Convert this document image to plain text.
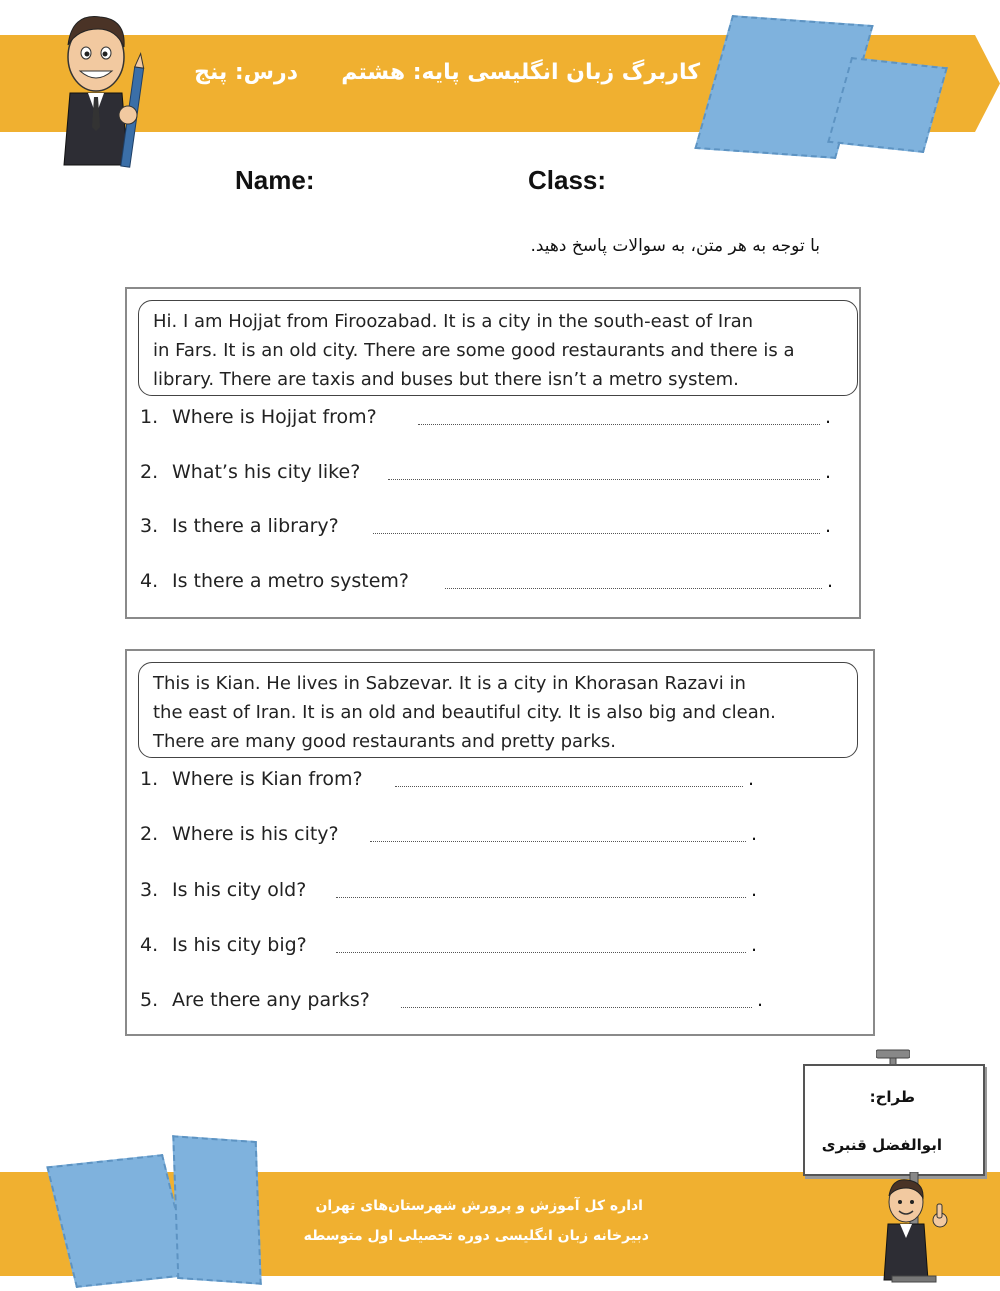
کاربرگ زبان انگلیسی پایه: هشتم
درس: پنج
Name:	Class:
با توجه به هر متن، به سوالات پاسخ دهید.
Hi. I am Hojjat from Firoozabad. It is a city in the south-east of Iran
in Fars. It is an old city. There are some good restaurants and there is a
library. There are taxis and buses but there isn’t a metro system.
1. Where is Hojjat from?	.
2. What’s his city like?	.
3. Is there a library?	.
4. Is there a metro system?	.
This is Kian. He lives in Sabzevar. It is a city in Khorasan Razavi in
the east of Iran. It is an old and beautiful city. It is also big and clean.
There are many good restaurants and pretty parks.
1. Where is Kian from?	.
2. Where is his city?	.
3. Is his city old?	.
4. Is his city big?	.
5. Are there any parks?	.
اداره کل آموزش و پرورش شهرستان‌های تهران
دبیرخانه زبان انگلیسی دوره تحصیلی اول متوسطه
طراح:
ابوالفضل قنبری
